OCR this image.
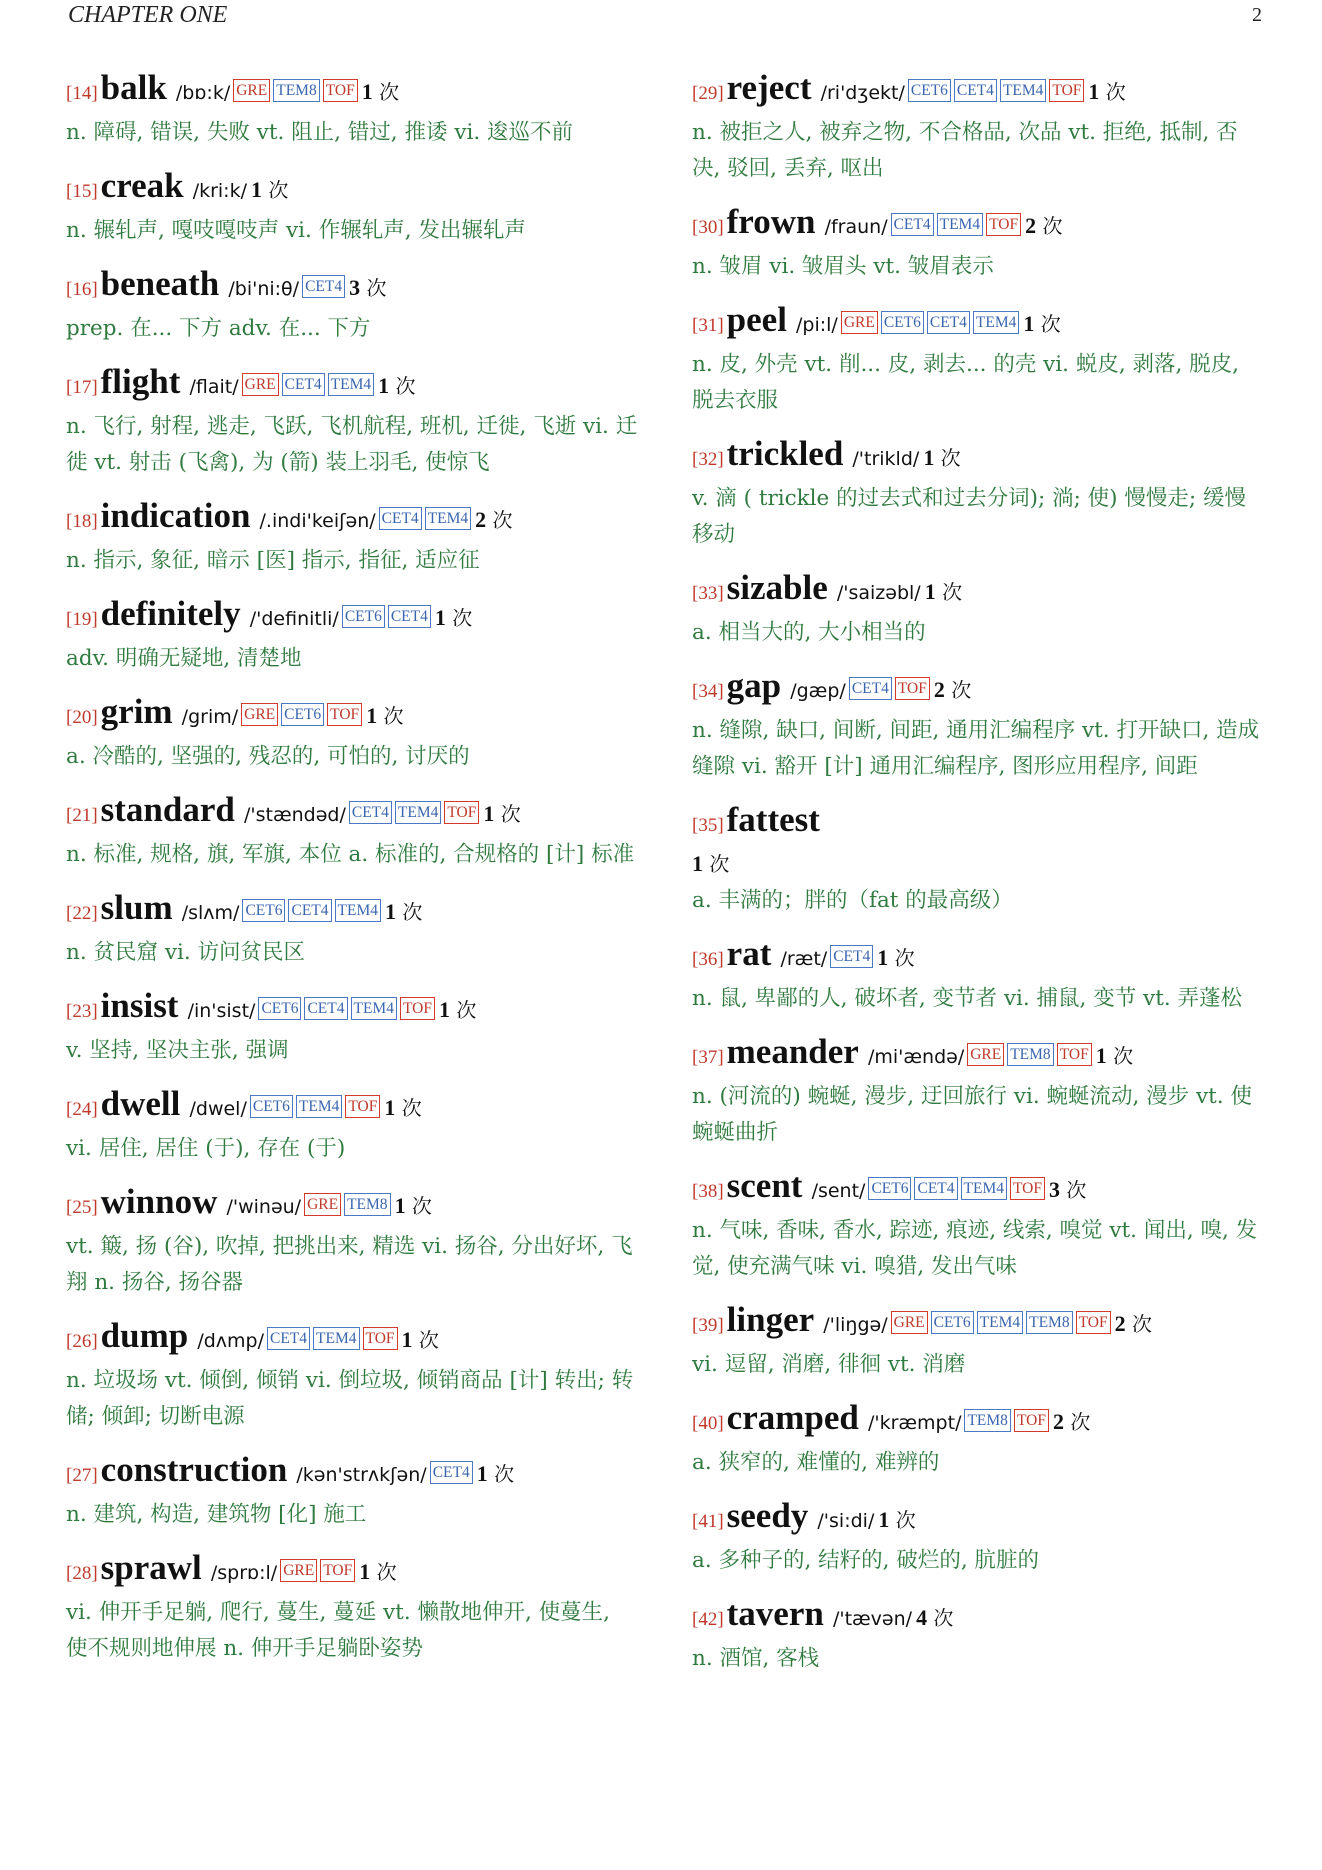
CHAPTER ONE	2
[14]balk /bɒ:k/ GRE TEM8 TOF 1 次
n. 障碍, 错误, 失败 vt. 阻止, 错过, 推诿 vi. 逡巡不前
[15]creak /kri:k/ 1 次
n. 辗轧声, 嘎吱嘎吱声 vi. 作辗轧声, 发出辗轧声
[16]beneath /bi'ni:θ/ CET4 3 次
prep. 在... 下方 adv. 在... 下方
[17]flight /flait/ GRE CET4 TEM4 1 次
n. 飞行, 射程, 逃走, 飞跃, 飞机航程, 班机, 迁徙, 飞逝 vi. 迁徙 vt. 射击 (飞禽), 为 (箭) 装上羽毛, 使惊飞
[18]indication /.indi'keiʃən/ CET4 TEM4 2 次
n. 指示, 象征, 暗示 [医] 指示, 指征, 适应征
[19]definitely /'definitli/ CET6 CET4 1 次
adv. 明确无疑地, 清楚地
[20]grim /grim/ GRE CET6 TOF 1 次
a. 冷酷的, 坚强的, 残忍的, 可怕的, 讨厌的
[21]standard /'stændəd/ CET4 TEM4 TOF 1 次
n. 标准, 规格, 旗, 军旗, 本位 a. 标准的, 合规格的 [计] 标准
[22]slum /slʌm/ CET6 CET4 TEM4 1 次
n. 贫民窟 vi. 访问贫民区
[23]insist /in'sist/ CET6 CET4 TEM4 TOF 1 次
v. 坚持, 坚决主张, 强调
[24]dwell /dwel/ CET6 TEM4 TOF 1 次
vi. 居住, 居住 (于), 存在 (于)
[25]winnow /'winəu/ GRE TEM8 1 次
vt. 簸, 扬 (谷), 吹掉, 把挑出来, 精选 vi. 扬谷, 分出好坏, 飞翔 n. 扬谷, 扬谷器
[26]dump /dʌmp/ CET4 TEM4 TOF 1 次
n. 垃圾场 vt. 倾倒, 倾销 vi. 倒垃圾, 倾销商品 [计] 转出; 转储; 倾卸; 切断电源
[27]construction /kən'strʌkʃən/ CET4 1 次
n. 建筑, 构造, 建筑物 [化] 施工
[28]sprawl /sprɒ:l/ GRE TOF 1 次
vi. 伸开手足躺, 爬行, 蔓生, 蔓延 vt. 懒散地伸开, 使蔓生, 使不规则地伸展 n. 伸开手足躺卧姿势
[29]reject /ri'dʒekt/ CET6 CET4 TEM4 TOF 1 次
n. 被拒之人, 被弃之物, 不合格品, 次品 vt. 拒绝, 抵制, 否决, 驳回, 丢弃, 呕出
[30]frown /fraun/ CET4 TEM4 TOF 2 次
n. 皱眉 vi. 皱眉头 vt. 皱眉表示
[31]peel /pi:l/ GRE CET6 CET4 TEM4 1 次
n. 皮, 外壳 vt. 削... 皮, 剥去... 的壳 vi. 蜕皮, 剥落, 脱皮, 脱去衣服
[32]trickled /'trikld/ 1 次
v. 滴 ( trickle 的过去式和过去分词); 淌; 使) 慢慢走; 缓慢移动
[33]sizable /'saizəbl/ 1 次
a. 相当大的, 大小相当的
[34]gap /gæp/ CET4 TOF 2 次
n. 缝隙, 缺口, 间断, 间距, 通用汇编程序 vt. 打开缺口, 造成缝隙 vi. 豁开 [计] 通用汇编程序, 图形应用程序, 间距
[35]fattest
1 次
a. 丰满的；胖的（fat 的最高级）
[36]rat /ræt/ CET4 1 次
n. 鼠, 卑鄙的人, 破坏者, 变节者 vi. 捕鼠, 变节 vt. 弄蓬松
[37]meander /mi'ændə/ GRE TEM8 TOF 1 次
n. (河流的) 蜿蜒, 漫步, 迂回旅行 vi. 蜿蜒流动, 漫步 vt. 使蜿蜒曲折
[38]scent /sent/ CET6 CET4 TEM4 TOF 3 次
n. 气味, 香味, 香水, 踪迹, 痕迹, 线索, 嗅觉 vt. 闻出, 嗅, 发觉, 使充满气味 vi. 嗅猎, 发出气味
[39]linger /'liŋgə/ GRE CET6 TEM4 TEM8 TOF 2 次
vi. 逗留, 消磨, 徘徊 vt. 消磨
[40]cramped /'kræmpt/ TEM8 TOF 2 次
a. 狭窄的, 难懂的, 难辨的
[41]seedy /'si:di/ 1 次
a. 多种子的, 结籽的, 破烂的, 肮脏的
[42]tavern /'tævən/ 4 次
n. 酒馆, 客栈
